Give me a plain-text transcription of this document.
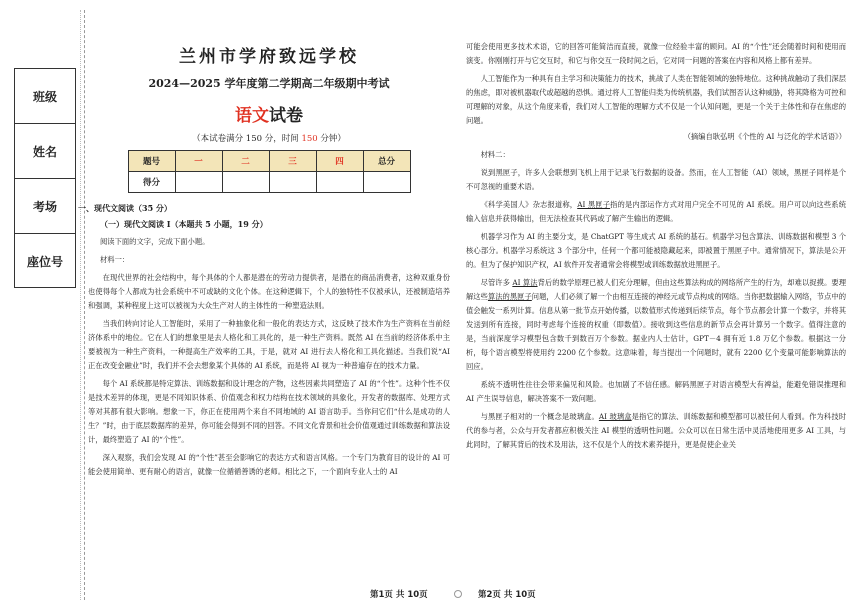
班级
姓名
考场
座位号
兰州市学府致远学校
2024—2025 学年度第二学期高二年级期中考试
语文试卷
（本试卷满分 150 分，时间 150 分钟）
题号	一	二	三	四	总分
得分					
一、现代文阅读（35 分）
（一）现代文阅读 I（本题共 5 小题，19 分）
阅读下面的文字，完成下面小题。
材料一：
在现代世界的社会结构中，每个具体的个人都是潜在的劳动力提供者，是潜在的商品消费者，这种双重身份也使得每个人都成为社会系统中不可或缺的文化个体。在这种逻辑下，个人的独特性不仅被承认，还被制造培养和强调，某种程度上这可以被视为大众生产对人的主体性的一种塑造法则。
当我们转向讨论人工智能时，采用了一种抽象化和一般化的表达方式，这反映了技术作为生产资料在当前经济体系中的地位。它在人们的想象里是去人格化和工具化的，是一种生产资料。既然 AI 在当前的经济体系中主要被视为一种生产资料，一种提高生产效率的工具，于是，就对 AI 进行去人格化和工具化描述。当我们说“AI 正在改变金融业”时，我们并不会去想象某个具体的 AI 系统，而是将 AI 视为一种普遍存在的技术力量。
每个 AI 系统都是特定算法、训练数据和设计理念的产物，这些因素共同塑造了 AI 的“个性”。这种个性不仅是技术差异的体现，更是不同知识体系、价值观念和权力结构在技术领域的具象化，开发者的数据库、处理方式等对其都有很大影响。想象一下，你正在使用两个来自不同地域的 AI 语言助手。当你问它们“什么是成功的人生？”时，由于底层数据库的差异，你可能会得到不同的回答。不同文化背景和社会价值观通过训练数据和算法设计，最终塑造了 AI 的“个性”。
深入观察，我们会发现 AI 的“个性”甚至会影响它的表达方式和语言风格。一个专门为教育目的设计的 AI 可能会使用简单、更有耐心的语言，就像一位循循善诱的老师。相比之下，一个面向专业人士的 AI
可能会使用更多技术术语，它的回答可能简洁而直接，就像一位经验丰富的顾问。AI 的“个性”还会随着时间和使用而演变。你刚刚打开与它交互时，和它与你交互一段时间之后，它对同一问题的答案在内容和风格上都有差异。
人工智能作为一种具有自主学习和决策能力的技术，挑战了人类在智能领域的独特地位。这种挑战触动了我们深层的焦虑，即对被机器取代或超越的恐惧。通过将人工智能归类为传统机器，我们试图否认这种威胁，将其降格为可控和可理解的对象，从这个角度来看，我们对人工智能的理解方式不仅是一个认知问题，更是一个关于主体性和存在焦虑的问题。
（摘编自耿弘明《个性的 AI 与泛化的学术话语》）
材料二：
说到黑匣子，许多人会联想到飞机上用于记录飞行数据的设备。然而，在人工智能（AI）领域，黑匣子同样是个不可忽视的重要术语。
《科学美国人》杂志报道称，AI 黑匣子指的是内部运作方式对用户完全不可见的 AI 系统。用户可以向这些系统输入信息并获得输出，但无法检查其代码或了解产生输出的逻辑。
机器学习作为 AI 的主要分支，是 ChatGPT 等生成式 AI 系统的基石。机器学习包含算法、训练数据和模型 3 个核心部分。机器学习系统这 3 个部分中，任何一个都可能被隐藏起来，即被置于黑匣子中。通常情况下，算法是公开的。但为了保护知识产权，AI 软件开发者通常会将模型或训练数据放进黑匣子。
尽管许多 AI 算法背后的数学原理已被人们充分理解，但由这些算法构成的网络所产生的行为，却难以捉摸。要理解这些算法的黑匣子问题，人们必须了解一个由相互连接的神经元或节点构成的网络。当你把数据输入网络，节点中的值会触发一系列计算。信息从第一批节点开始传播，以数值形式传递到后续节点，每个节点都会计算一个数字，并将其发送到所有连接，同时考虑每个连接的权重（即数值）。接收到这些信息的新节点会再计算另一个数字。值得注意的是，当前深度学习模型包含数千到数百万个参数。据业内人士估计，GPT－4 拥有近 1.8 万亿个参数。根据这一分析，每个语言模型将使用约 2200 亿个参数。这意味着，每当提出一个问题时，就有 2200 亿个变量可能影响算法的回应。
系统不透明性往往会带来偏见和风险。也加剧了不信任感。解码黑匣子对语言模型大有裨益，能避免错误推理和 AI 产生误导信息，解决答案不一致问题。
与黑匣子相对的一个概念是玻璃盒。AI 玻璃盒是指它的算法、训练数据和模型都可以被任何人看到。作为科技时代的参与者，公众与开发者都应积极关注 AI 模型的透明性问题。公众可以在日常生活中灵活地使用更多 AI 工具，与此同时，了解其背后的技术及用法，这不仅是个人的技术素养提升，更是促使企业关
第1页 共 10页	第2页 共 10页
